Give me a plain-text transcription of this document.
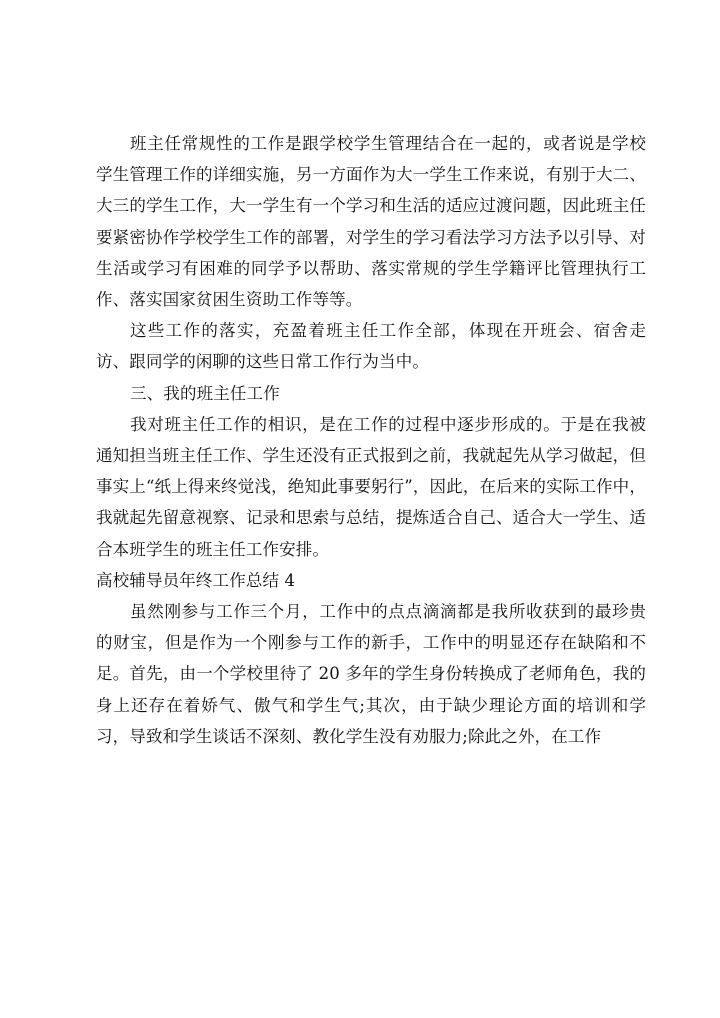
班主任常规性的工作是跟学校学生管理结合在一起的，或者说是学校学生管理工作的详细实施，另一方面作为大一学生工作来说，有别于大二、大三的学生工作，大一学生有一个学习和生活的适应过渡问题，因此班主任要紧密协作学校学生工作的部署，对学生的学习看法学习方法予以引导、对生活或学习有困难的同学予以帮助、落实常规的学生学籍评比管理执行工作、落实国家贫困生资助工作等等。

这些工作的落实，充盈着班主任工作全部，体现在开班会、宿舍走访、跟同学的闲聊的这些日常工作行为当中。

三、我的班主任工作

我对班主任工作的相识，是在工作的过程中逐步形成的。于是在我被通知担当班主任工作、学生还没有正式报到之前，我就起先从学习做起，但事实上“纸上得来终觉浅，绝知此事要躬行”，因此，在后来的实际工作中，我就起先留意视察、记录和思索与总结，提炼适合自己、适合大一学生、适合本班学生的班主任工作安排。

高校辅导员年终工作总结 4

虽然刚参与工作三个月，工作中的点点滴滴都是我所收获到的最珍贵的财宝，但是作为一个刚参与工作的新手，工作中的明显还存在缺陷和不足。首先，由一个学校里待了 20 多年的学生身份转换成了老师角色，我的身上还存在着娇气、傲气和学生气;其次，由于缺少理论方面的培训和学习，导致和学生谈话不深刻、教化学生没有劝服力;除此之外，在工作
